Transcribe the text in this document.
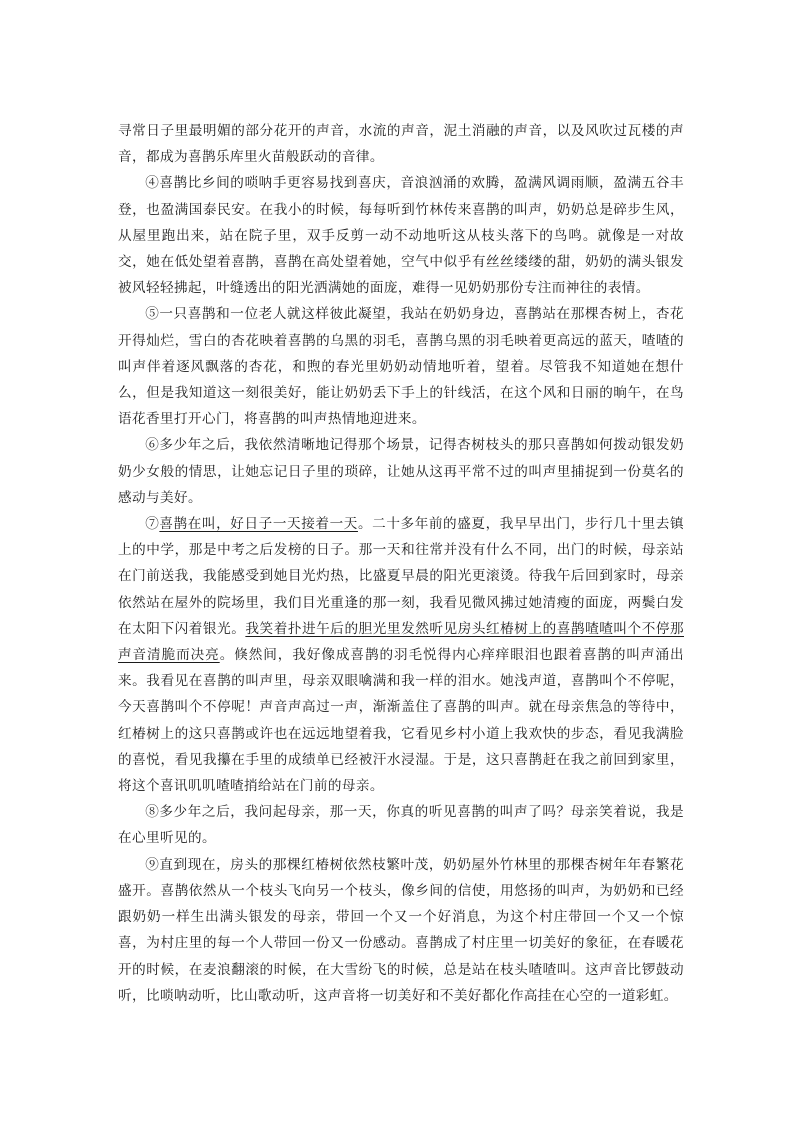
寻常日子里最明媚的部分花开的声音，水流的声音，泥土消融的声音，以及风吹过瓦楼的声音，都成为喜鹊乐库里火苗般跃动的音律。

④喜鹊比乡间的唢呐手更容易找到喜庆，音浪汹涌的欢腾，盈满风调雨顺，盈满五谷丰登，也盈满国泰民安。在我小的时候，每每听到竹林传来喜鹊的叫声，奶奶总是碎步生风，从屋里跑出来，站在院子里，双手反剪一动不动地听这从枝头落下的鸟鸣。就像是一对故交，她在低处望着喜鹊，喜鹊在高处望着她，空气中似乎有丝丝缕缕的甜，奶奶的满头银发被风轻轻拂起，叶缝透出的阳光洒满她的面庞，难得一见奶奶那份专注而神往的表情。

⑤一只喜鹊和一位老人就这样彼此凝望，我站在奶奶身边，喜鹊站在那棵杏树上，杏花开得灿烂，雪白的杏花映着喜鹊的乌黑的羽毛，喜鹊乌黑的羽毛映着更高远的蓝天，喳喳的叫声伴着逐风飘落的杏花，和煦的春光里奶奶动情地听着，望着。尽管我不知道她在想什么，但是我知道这一刻很美好，能让奶奶丢下手上的针线活，在这个风和日丽的晌午，在鸟语花香里打开心门，将喜鹊的叫声热情地迎进来。

⑥多少年之后，我依然清晰地记得那个场景，记得杏树枝头的那只喜鹊如何拨动银发奶奶少女般的情思，让她忘记日子里的琐碎，让她从这再平常不过的叫声里捕捉到一份莫名的感动与美好。

⑦喜鹊在叫，好日子一天接着一天。二十多年前的盛夏，我早早出门，步行几十里去镇上的中学，那是中考之后发榜的日子。那一天和往常并没有什么不同，出门的时候，母亲站在门前送我，我能感受到她目光灼热，比盛夏早晨的阳光更滚烫。待我午后回到家时，母亲依然站在屋外的院场里，我们目光重逢的那一刻，我看见微风拂过她清瘦的面庞，两鬓白发在太阳下闪着银光。我笑着扑进午后的胆光里发然听见房头红椿树上的喜鹊喳喳叫个不停那声音清脆而决亮。倏然间，我好像成喜鹊的羽毛悦得内心痒痒眼泪也跟着喜鹊的叫声涌出来。我看见在喜鹊的叫声里，母亲双眼噙满和我一样的泪水。她浅声道，喜鹊叫个不停呢，今天喜鹊叫个不停呢！声音声高过一声，渐渐盖住了喜鹊的叫声。就在母亲焦急的等待中，红椿树上的这只喜鹊或许也在远远地望着我，它看见乡村小道上我欢快的步态，看见我满脸的喜悦，看见我攥在手里的成绩单已经被汗水浸湿。于是，这只喜鹊赶在我之前回到家里，将这个喜讯叽叽喳喳捎给站在门前的母亲。

⑧多少年之后，我问起母亲，那一天，你真的听见喜鹊的叫声了吗？母亲笑着说，我是在心里听见的。

⑨直到现在，房头的那棵红椿树依然枝繁叶茂，奶奶屋外竹林里的那棵杏树年年春繁花盛开。喜鹊依然从一个枝头飞向另一个枝头，像乡间的信使，用悠扬的叫声，为奶奶和已经跟奶奶一样生出满头银发的母亲，带回一个又一个好消息，为这个村庄带回一个又一个惊喜，为村庄里的每一个人带回一份又一份感动。喜鹊成了村庄里一切美好的象征，在春暖花开的时候，在麦浪翻滚的时候，在大雪纷飞的时候，总是站在枝头喳喳叫。这声音比锣鼓动听，比唢呐动听，比山歌动听，这声音将一切美好和不美好都化作高挂在心空的一道彩虹。
